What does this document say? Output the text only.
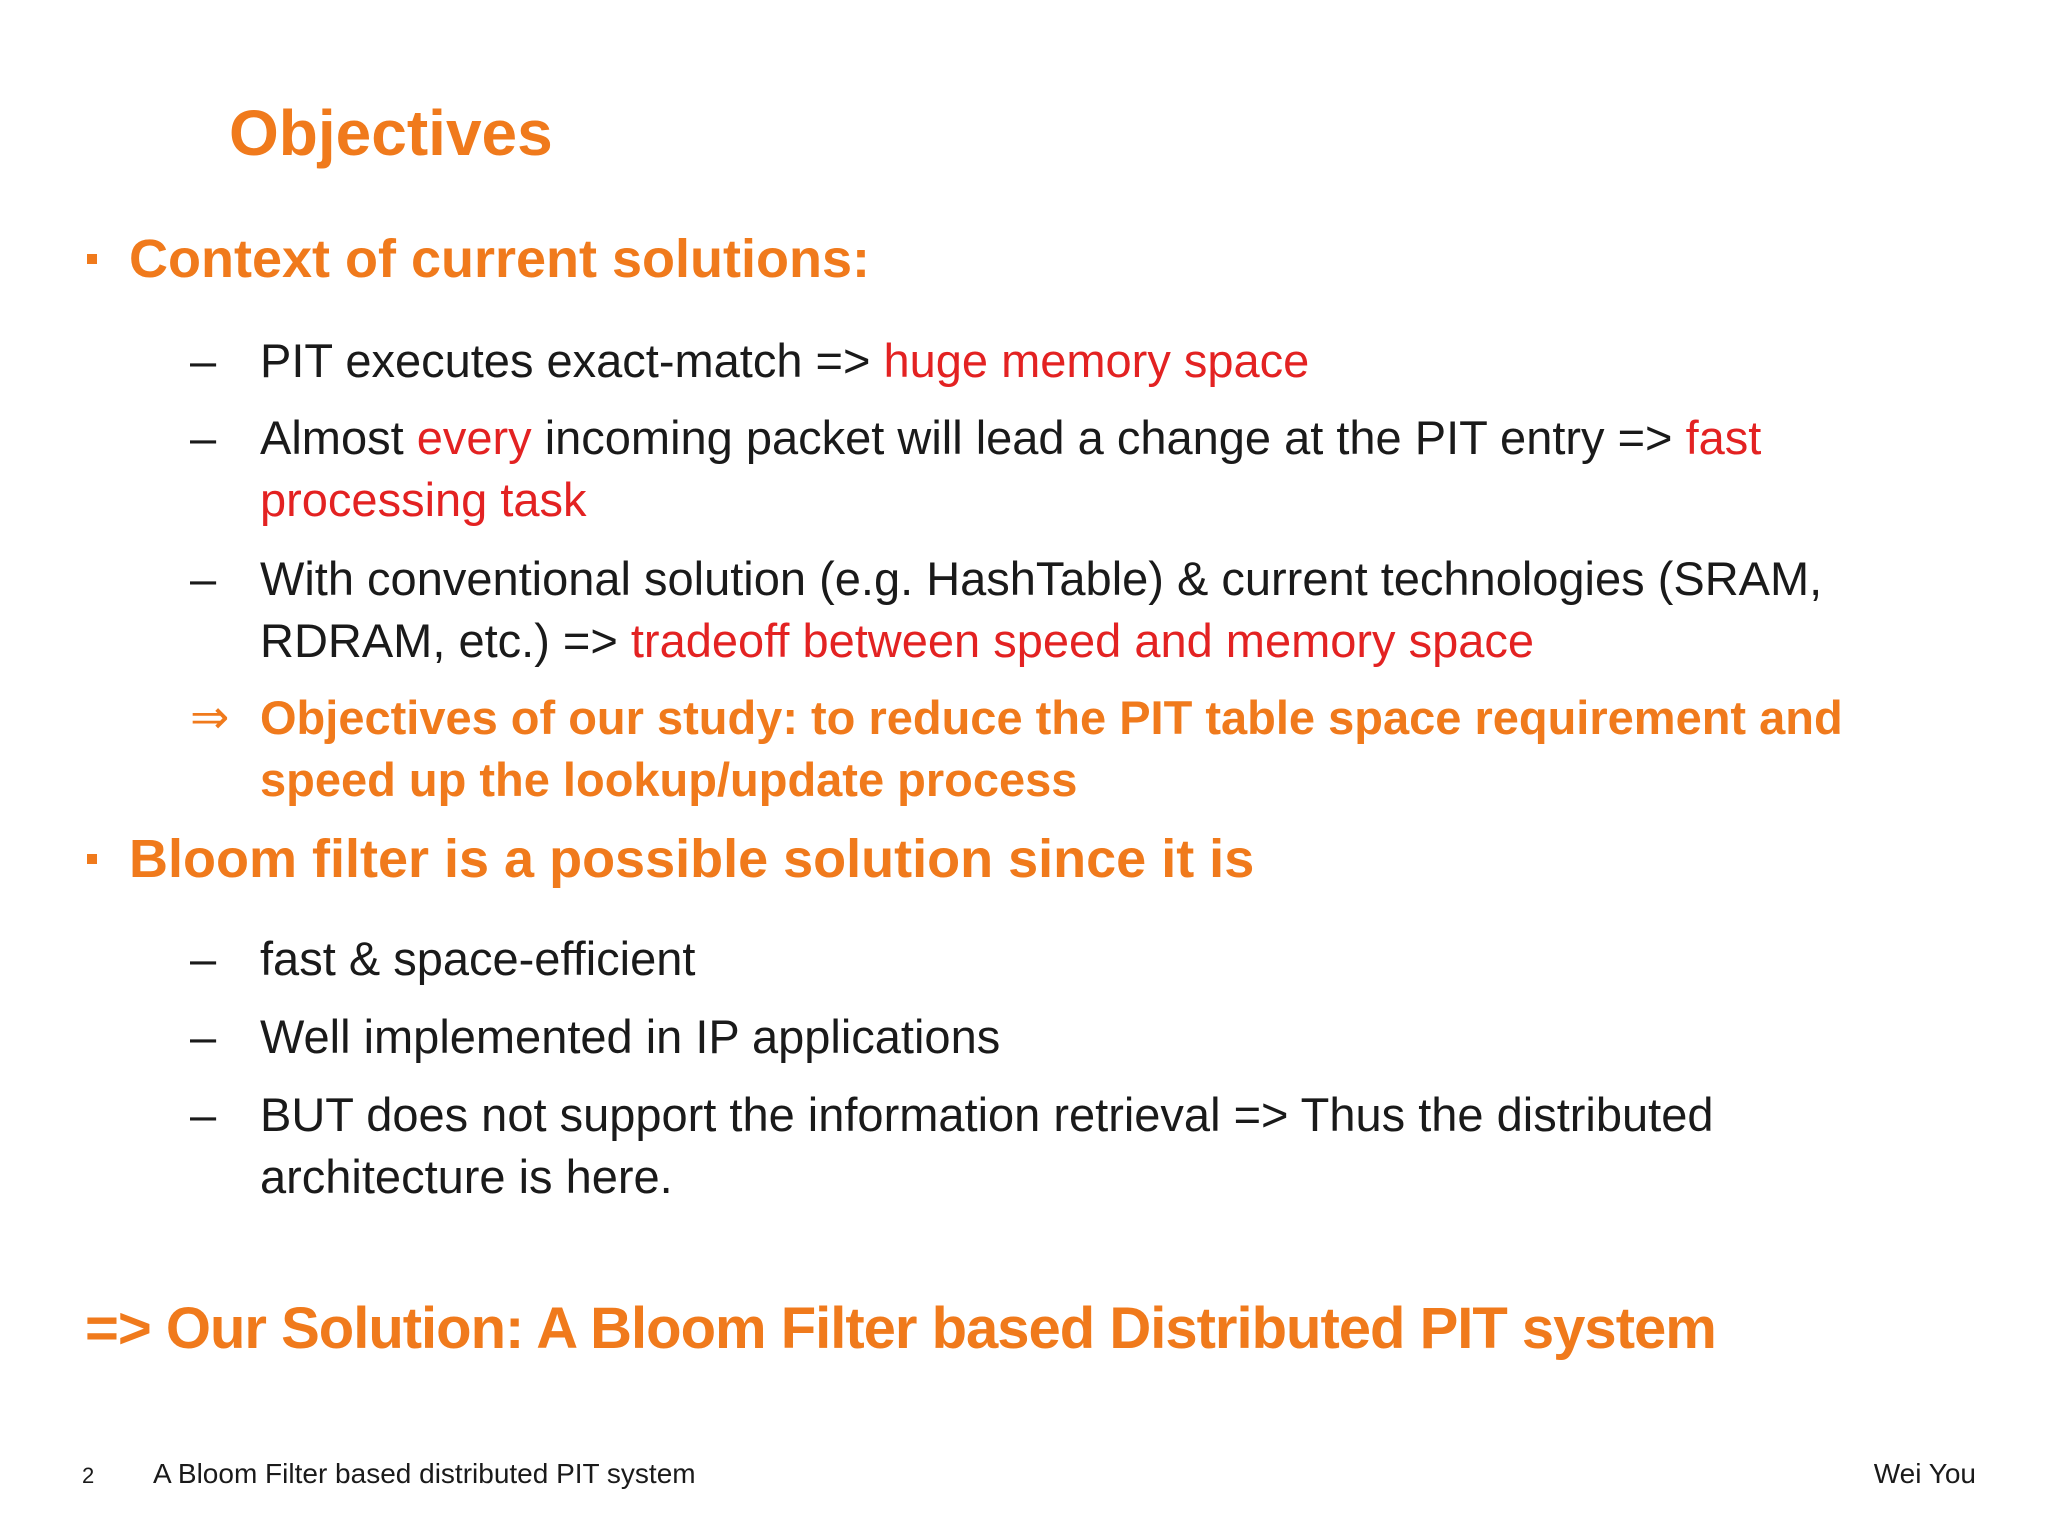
Objectives
Context of current solutions:
– PIT executes exact-match => huge memory space
– Almost every incoming packet will lead a change at the PIT entry => fast processing task
– With conventional solution (e.g. HashTable) & current technologies (SRAM, RDRAM, etc.) => tradeoff between speed and memory space
⇒ Objectives of our study: to reduce the PIT table space requirement and speed up the lookup/update process
Bloom filter is a possible solution since it is
– fast & space-efficient
– Well implemented in IP applications
– BUT does not support the information retrieval => Thus the distributed architecture is here.
=> Our Solution: A Bloom Filter based Distributed PIT system
2 A Bloom Filter based distributed PIT system	Wei You
